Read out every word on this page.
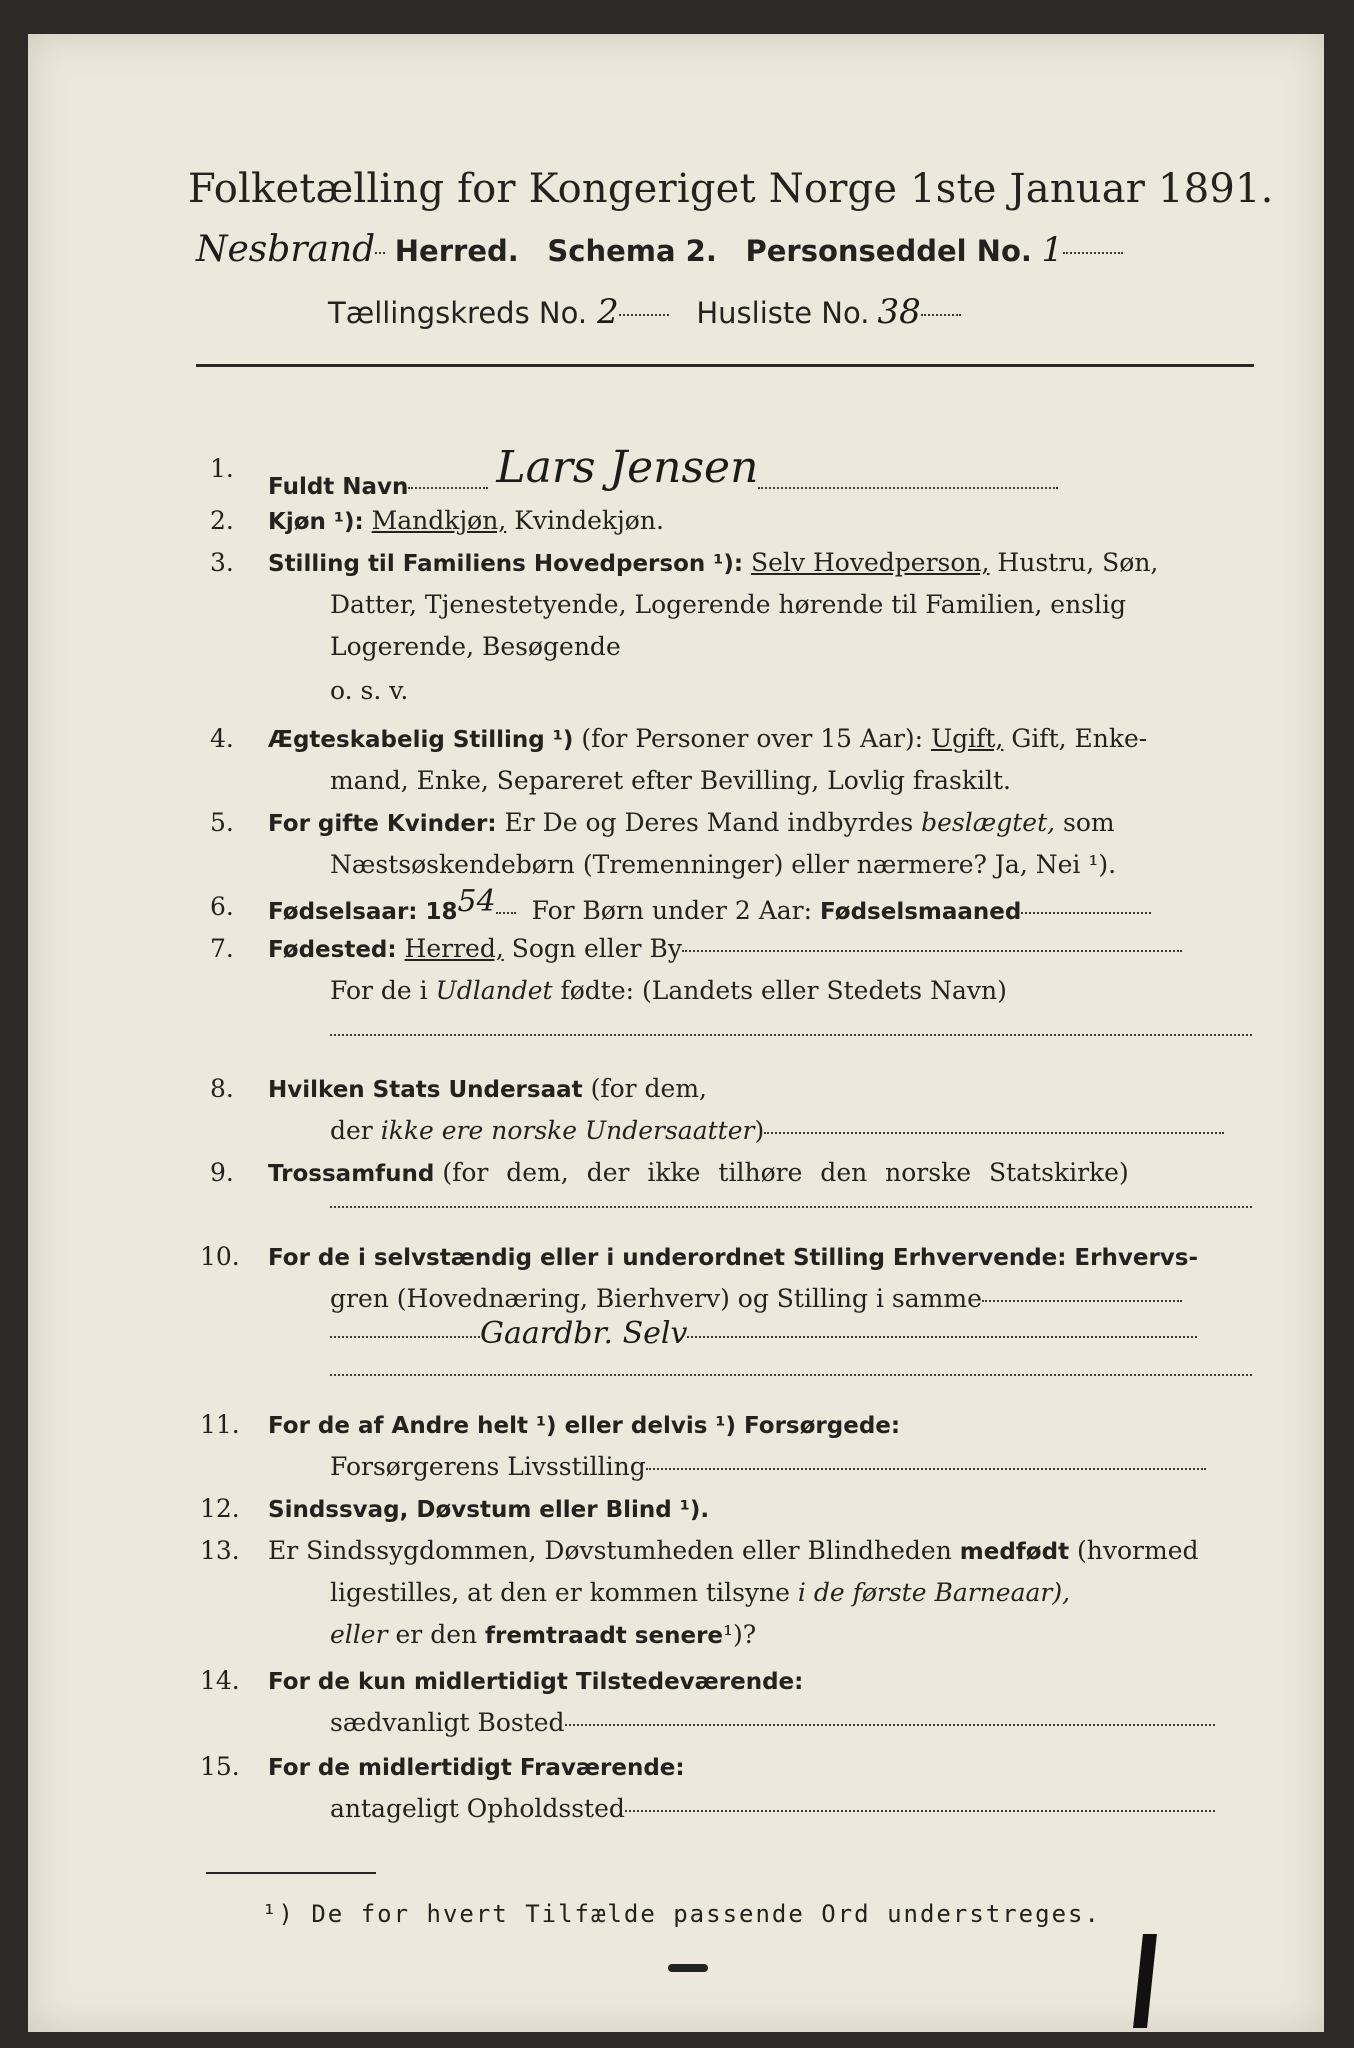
Folketælling for Kongeriget Norge 1ste Januar 1891.
Nesbrand Herred. Schema 2. Personseddel No. 1
Tællingskreds No. 2	Husliste No. 38
1.
Fuldt Navn Lars Jensen
2. Kjøn ¹): Mandkjøn, Kvindekjøn.
3. Stilling til Familiens Hovedperson ¹): Selv Hovedperson, Hustru, Søn,
Datter, Tjenestetyende, Logerende hørende til Familien, enslig
Logerende, Besøgende
o. s. v.
4. Ægteskabelig Stilling ¹) (for Personer over 15 Aar): Ugift, Gift, Enke-
mand, Enke, Separeret efter Bevilling, Lovlig fraskilt.
5. For gifte Kvinder: Er De og Deres Mand indbyrdes beslægtet, som
Næstsøskendebørn (Tremenninger) eller nærmere? Ja, Nei ¹).
6. Fødselsaar: 1854 For Børn under 2 Aar: Fødselsmaaned
7. Fødested: Herred, Sogn eller By
For de i Udlandet fødte: (Landets eller Stedets Navn)
8. Hvilken Stats Undersaat (for dem,
der ikke ere norske Undersaatter)
9. Trossamfund (for dem, der ikke tilhøre den norske Statskirke)
10. For de i selvstændig eller i underordnet Stilling Erhvervende: Erhvervs-
gren (Hovednæring, Bierhverv) og Stilling i samme
Gaardbr. Selv
11. For de af Andre helt ¹) eller delvis ¹) Forsørgede:
Forsørgerens Livsstilling
12. Sindssvag, Døvstum eller Blind ¹).
13. Er Sindssygdommen, Døvstumheden eller Blindheden medfødt (hvormed
ligestilles, at den er kommen tilsyne i de første Barneaar),
eller er den fremtraadt senere¹)?
14. For de kun midlertidigt Tilstedeværende:
sædvanligt Bosted
15. For de midlertidigt Fraværende:
antageligt Opholdssted
¹) De for hvert Tilfælde passende Ord understreges.
